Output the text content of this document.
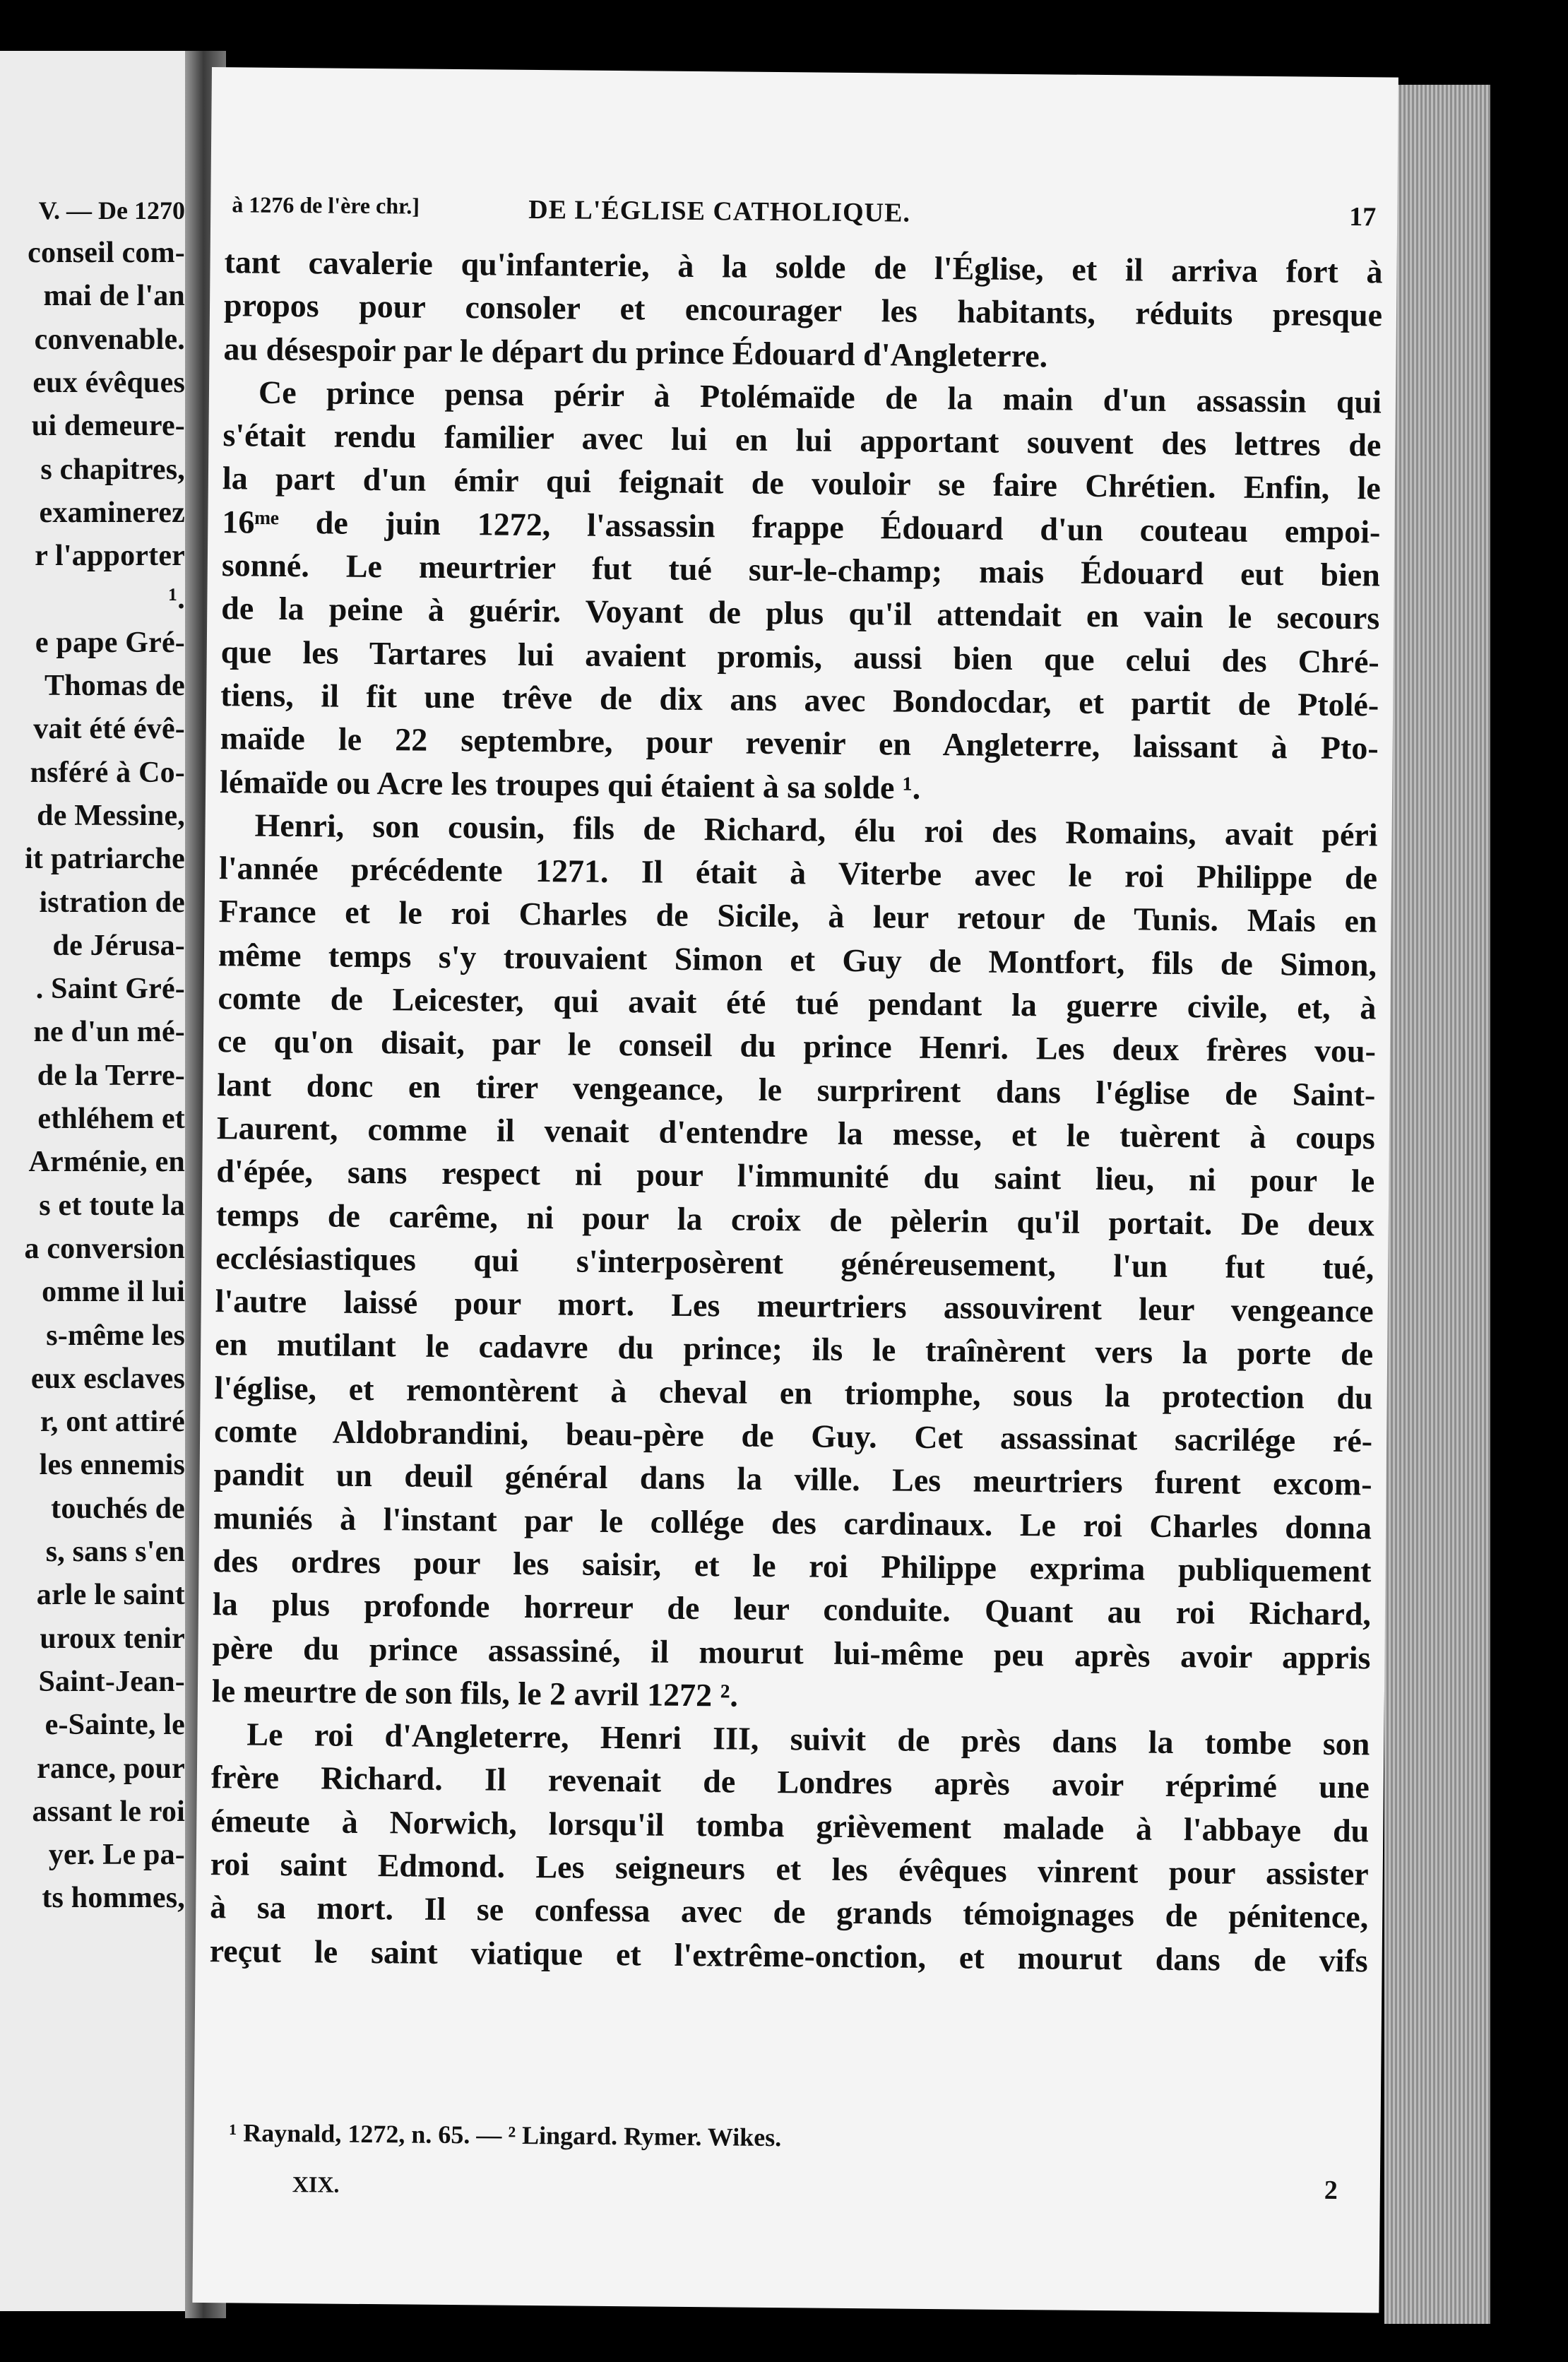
V. — De 1270
conseil com-
mai de l'an
convenable.
eux évêques
ui demeure-
s chapitres,
examinerez
r l'apporter
¹.
e pape Gré-
Thomas de
vait été évê-
nsféré à Co-
de Messine,
it patriarche
istration de
de Jérusa-
. Saint Gré-
ne d'un mé-
de la Terre-
ethléhem et
Arménie, en
s et toute la
a conversion
omme il lui
s-même les
eux esclaves
r, ont attiré
les ennemis
touchés de
s, sans s'en
arle le saint
uroux tenir
Saint-Jean-
e-Sainte, le
rance, pour
assant le roi
yer. Le pa-
ts hommes,
à 1276 de l'ère chr.]	DE L'ÉGLISE CATHOLIQUE.	17
tant cavalerie qu'infanterie, à la solde de l'Église, et il arriva fort à
propos pour consoler et encourager les habitants, réduits presque
au désespoir par le départ du prince Édouard d'Angleterre.
Ce prince pensa périr à Ptolémaïde de la main d'un assassin qui
s'était rendu familier avec lui en lui apportant souvent des lettres de
la part d'un émir qui feignait de vouloir se faire Chrétien. Enfin, le
16ᵐᵉ de juin 1272, l'assassin frappe Édouard d'un couteau empoi-
sonné. Le meurtrier fut tué sur-le-champ; mais Édouard eut bien
de la peine à guérir. Voyant de plus qu'il attendait en vain le secours
que les Tartares lui avaient promis, aussi bien que celui des Chré-
tiens, il fit une trêve de dix ans avec Bondocdar, et partit de Ptolé-
maïde le 22 septembre, pour revenir en Angleterre, laissant à Pto-
lémaïde ou Acre les troupes qui étaient à sa solde ¹.
Henri, son cousin, fils de Richard, élu roi des Romains, avait péri
l'année précédente 1271. Il était à Viterbe avec le roi Philippe de
France et le roi Charles de Sicile, à leur retour de Tunis. Mais en
même temps s'y trouvaient Simon et Guy de Montfort, fils de Simon,
comte de Leicester, qui avait été tué pendant la guerre civile, et, à
ce qu'on disait, par le conseil du prince Henri. Les deux frères vou-
lant donc en tirer vengeance, le surprirent dans l'église de Saint-
Laurent, comme il venait d'entendre la messe, et le tuèrent à coups
d'épée, sans respect ni pour l'immunité du saint lieu, ni pour le
temps de carême, ni pour la croix de pèlerin qu'il portait. De deux
ecclésiastiques qui s'interposèrent généreusement, l'un fut tué,
l'autre laissé pour mort. Les meurtriers assouvirent leur vengeance
en mutilant le cadavre du prince; ils le traînèrent vers la porte de
l'église, et remontèrent à cheval en triomphe, sous la protection du
comte Aldobrandini, beau-père de Guy. Cet assassinat sacrilége ré-
pandit un deuil général dans la ville. Les meurtriers furent excom-
muniés à l'instant par le collége des cardinaux. Le roi Charles donna
des ordres pour les saisir, et le roi Philippe exprima publiquement
la plus profonde horreur de leur conduite. Quant au roi Richard,
père du prince assassiné, il mourut lui-même peu après avoir appris
le meurtre de son fils, le 2 avril 1272 ².
Le roi d'Angleterre, Henri III, suivit de près dans la tombe son
frère Richard. Il revenait de Londres après avoir réprimé une
émeute à Norwich, lorsqu'il tomba grièvement malade à l'abbaye du
roi saint Edmond. Les seigneurs et les évêques vinrent pour assister
à sa mort. Il se confessa avec de grands témoignages de pénitence,
reçut le saint viatique et l'extrême-onction, et mourut dans de vifs
¹ Raynald, 1272, n. 65. — ² Lingard. Rymer. Wikes.
XIX.	2
